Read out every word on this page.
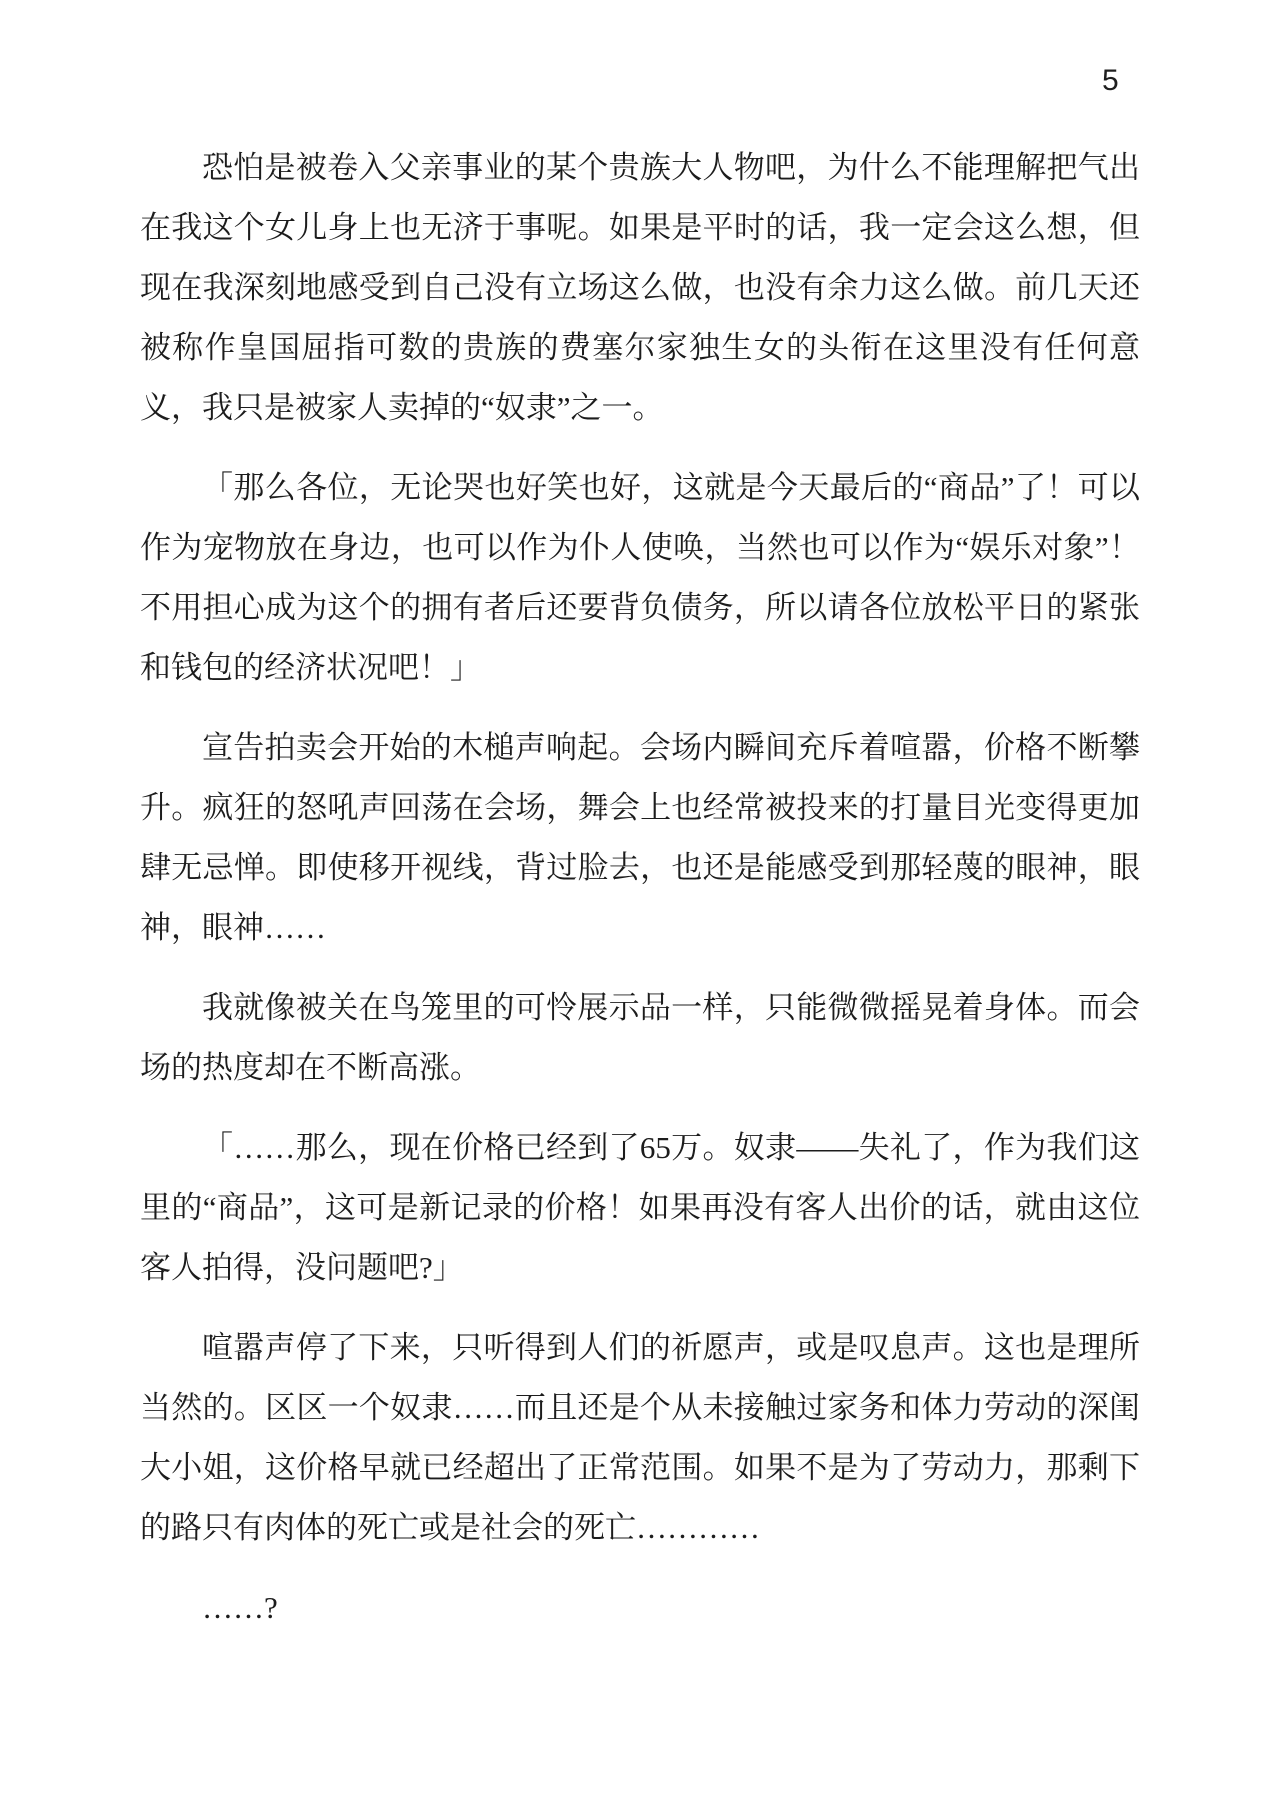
5

恐怕是被卷入父亲事业的某个贵族大人物吧，为什么不能理解把气出在我这个女儿身上也无济于事呢。如果是平时的话，我一定会这么想，但现在我深刻地感受到自己没有立场这么做，也没有余力这么做。前几天还被称作皇国屈指可数的贵族的费塞尔家独生女的头衔在这里没有任何意义，我只是被家人卖掉的“奴隶”之一。

「那么各位，无论哭也好笑也好，这就是今天最后的“商品”了！可以作为宠物放在身边，也可以作为仆人使唤，当然也可以作为“娱乐对象”！不用担心成为这个的拥有者后还要背负债务，所以请各位放松平日的紧张和钱包的经济状况吧！」

宣告拍卖会开始的木槌声响起。会场内瞬间充斥着喧嚣，价格不断攀升。疯狂的怒吼声回荡在会场，舞会上也经常被投来的打量目光变得更加肆无忌惮。即使移开视线，背过脸去，也还是能感受到那轻蔑的眼神，眼神，眼神……

我就像被关在鸟笼里的可怜展示品一样，只能微微摇晃着身体。而会场的热度却在不断高涨。

「……那么，现在价格已经到了65万。奴隶——失礼了，作为我们这里的“商品”，这可是新记录的价格！如果再没有客人出价的话，就由这位客人拍得，没问题吧?」

喧嚣声停了下来，只听得到人们的祈愿声，或是叹息声。这也是理所当然的。区区一个奴隶……而且还是个从未接触过家务和体力劳动的深闺大小姐，这价格早就已经超出了正常范围。如果不是为了劳动力，那剩下的路只有肉体的死亡或是社会的死亡…………

……?
